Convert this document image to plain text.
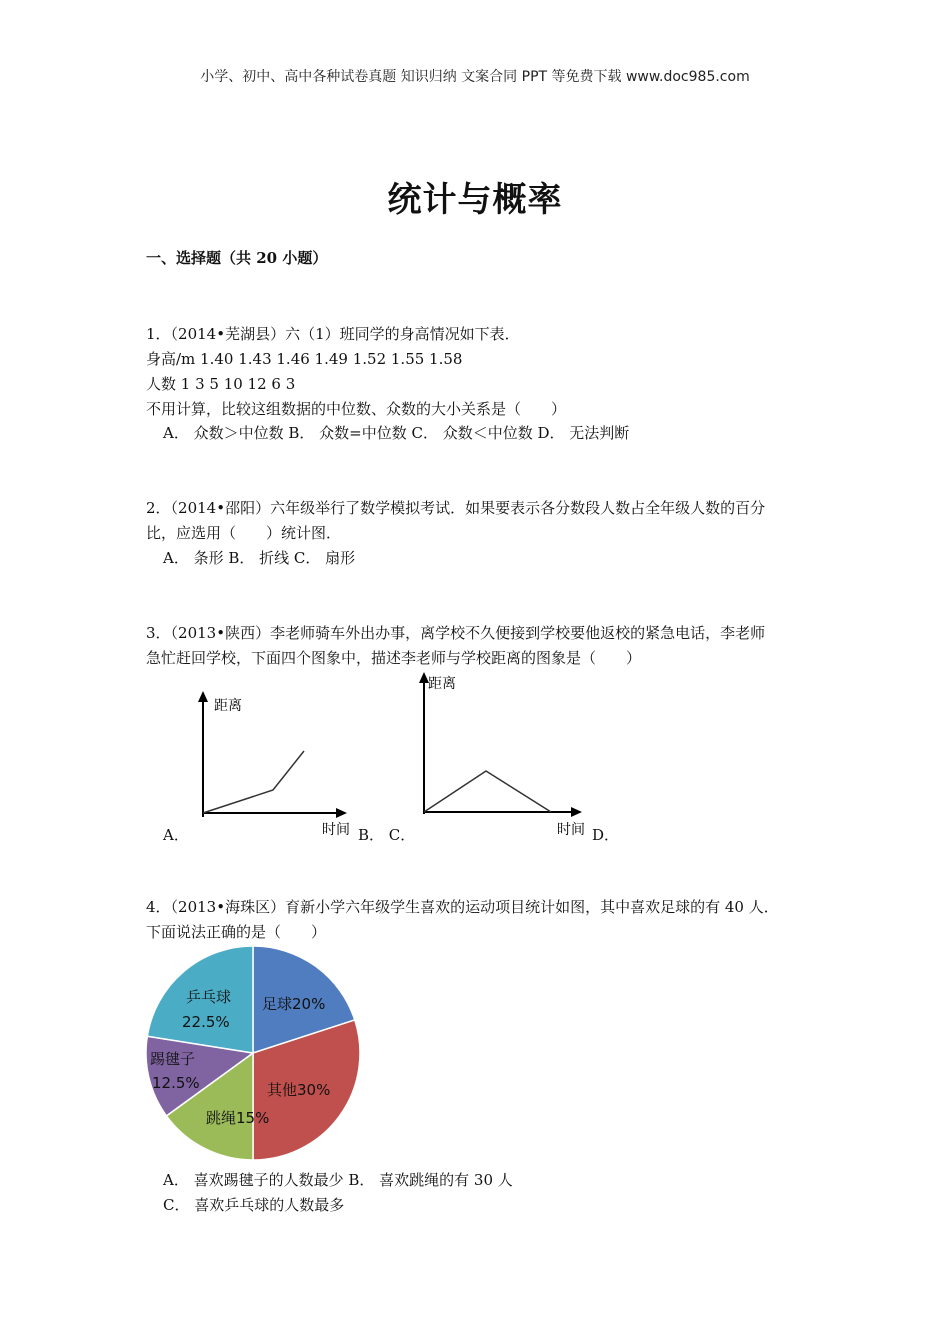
小学、初中、高中各种试卷真题 知识归纳 文案合同 PPT 等免费下载 www.doc985.com
统计与概率
一、选择题（共 20 小题）
1．（2014•芜湖县）六（1）班同学的身高情况如下表．
身高/m 1.40 1.43 1.46 1.49 1.52 1.55 1.58
人数 1 3 5 10 12 6 3
不用计算，比较这组数据的中位数、众数的大小关系是（　　）
A． 众数＞中位数 B． 众数=中位数 C． 众数＜中位数 D． 无法判断
2．（2014•邵阳）六年级举行了数学模拟考试．如果要表示各分数段人数占全年级人数的百分
比，应选用（　　）统计图．
A． 条形 B． 折线 C． 扇形
3．（2013•陕西）李老师骑车外出办事，离学校不久便接到学校要他返校的紧急电话，李老师
急忙赶回学校，下面四个图象中，描述李老师与学校距离的图象是（　　）
A．
距离
时间 B． C．
距离
时间 D．
4．（2013•海珠区）育新小学六年级学生喜欢的运动项目统计如图，其中喜欢足球的有 40 人．
下面说法正确的是（　　）
足球20%
其他30%
跳绳15%
踢毽子
12.5%
乒乓球
22.5%
A． 喜欢踢毽子的人数最少 B． 喜欢跳绳的有 30 人
C． 喜欢乒乓球的人数最多
